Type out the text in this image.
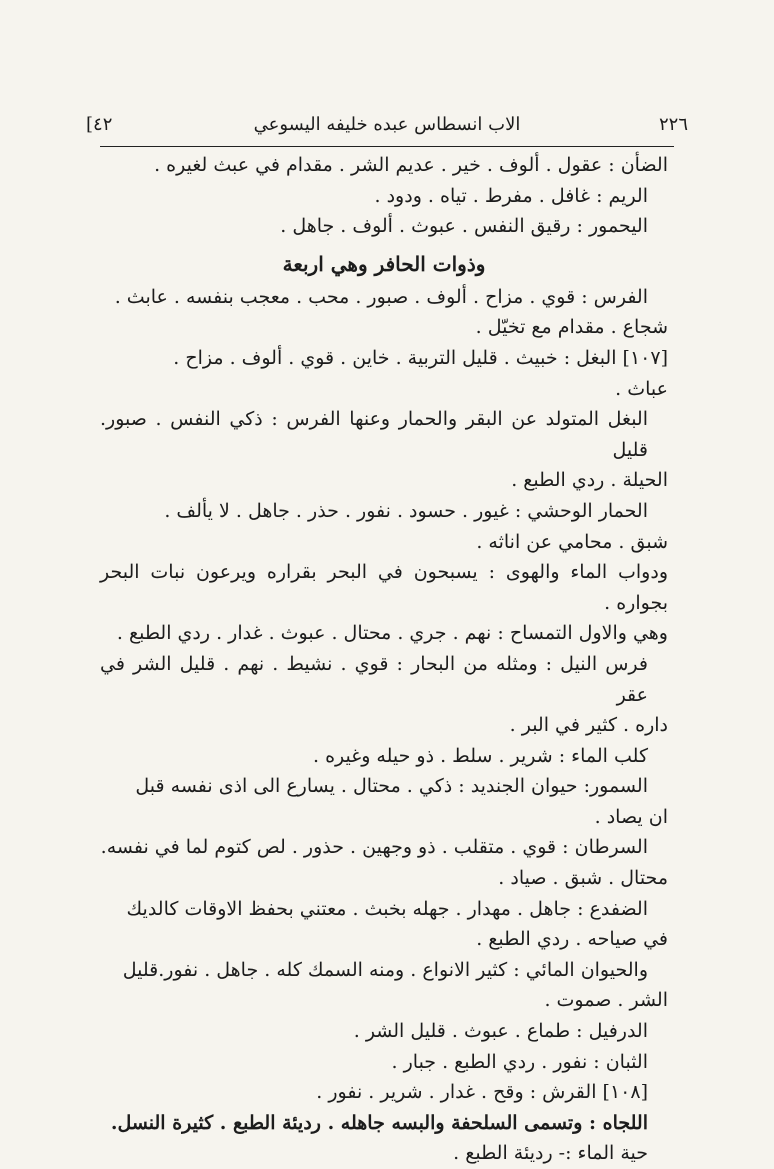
[٤٢	الاب انسطاس عبده خليفه اليسوعي	٢٢٦

الضأن : عقول . ألوف . خير . عديم الشر . مقدام في عبث لغيره .

الريم : غافل . مفرط . تياه . ودود .

اليحمور : رقيق النفس . عبوث . ألوف . جاهل .

وذوات الحافر وهي اربعة

الفرس : قوي . مزاح . ألوف . صبور . محب . معجب بنفسه . عابث .

شجاع . مقدام مع تخيّل .

[١٠٧] البغل : خبيث . قليل التربية . خاين . قوي . ألوف . مزاح .

عباث .

البغل المتولد عن البقر والحمار وعنها الفرس : ذكي النفس . صبور. قليل

الحيلة . ردي الطبع .

الحمار الوحشي : غيور . حسود . نفور . حذر . جاهل . لا يألف .

شبق . محامي عن اناثه .

ودواب الماء والهوى : يسبحون في البحر بقراره ويرعون نبات البحر بجواره .

وهي والاول التمساح : نهم . جري . محتال . عبوث . غدار . ردي الطبع .

فرس النيل : ومثله من البحار : قوي . نشيط . نهم . قليل الشر في عقر

داره . كثير في البر .

كلب الماء : شرير . سلط . ذو حيله وغيره .

السمور: حيوان الجنديد : ذكي . محتال . يسارع الى اذى نفسه قبل

ان يصاد .

السرطان : قوي . متقلب . ذو وجهين . حذور . لص كتوم لما في نفسه.

محتال . شبق . صياد .

الضفدع : جاهل . مهدار . جهله بخبث . معتني بحفظ الاوقات كالديك

في صياحه . ردي الطبع .

والحيوان المائي : كثير الانواع . ومنه السمك كله . جاهل . نفور.قليل

الشر . صموت .

الدرفيل : طماع . عبوث . قليل الشر .

الثبان : نفور . ردي الطبع . جبار .

[١٠٨] القرش : وقح . غدار . شرير . نفور .

اللجاه : وتسمى السلحفة والبسه جاهله . رديئة الطبع . كثيرة النسل.

حية الماء :- رديئة الطبع .
